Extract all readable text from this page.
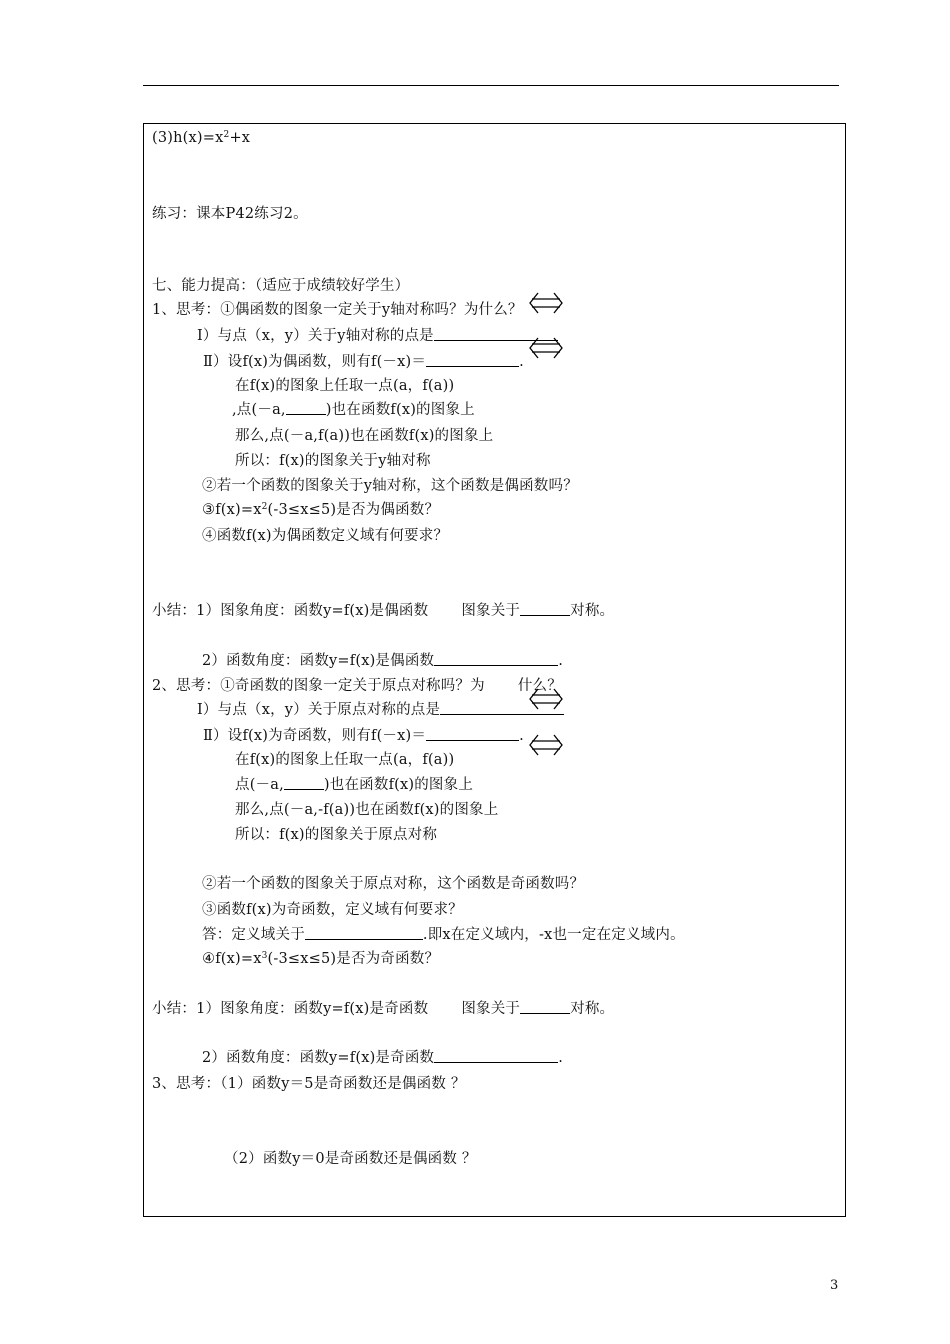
$(3)h(x)=x^2+x$
练习：课本P42练习2。
七、能力提高：（适应于成绩较好学生）
1、思考：①偶函数的图象一定关于y轴对称吗？为什么？
Ⅰ）与点（x，y）关于y轴对称的点是
Ⅱ）设f(x)为偶函数，则有f(－x)＝	.
在f(x)的图象上任取一点(a，f(a))
,点(－a,	)也在函数f(x)的图象上
那么,点(－a,f(a))也在函数f(x)的图象上
所以：f(x)的图象关于y轴对称
②若一个函数的图象关于y轴对称，这个函数是偶函数吗？
$③f(x)=x^2(-3\le x\le 5)$是否为偶函数？
④函数f(x)为偶函数定义域有何要求？
小结：1）图象角度：函数y=f(x)是偶函数 图象关于	对称。
2）函数角度：函数y=f(x)是偶函数	.
2、思考：①奇函数的图象一定关于原点对称吗？为 什么？
Ⅰ）与点（x，y）关于原点对称的点是
Ⅱ）设f(x)为奇函数，则有f(－x)＝	.
在f(x)的图象上任取一点(a，f(a))
点(－a,	)也在函数f(x)的图象上
那么,点(－a,-f(a))也在函数f(x)的图象上
所以：f(x)的图象关于原点对称
②若一个函数的图象关于原点对称，这个函数是奇函数吗？
③函数f(x)为奇函数，定义域有何要求？
答：定义域关于	.即x在定义域内，-x也一定在定义域内。
$④f(x)=x^3(-3\le x\le 5)$是否为奇函数？
小结：1）图象角度：函数y=f(x)是奇函数 图象关于	对称。
2）函数角度：函数y=f(x)是奇函数	.
3、思考：（1）函数y＝5是奇函数还是偶函数 ？
（2）函数y＝0是奇函数还是偶函数 ？
3
